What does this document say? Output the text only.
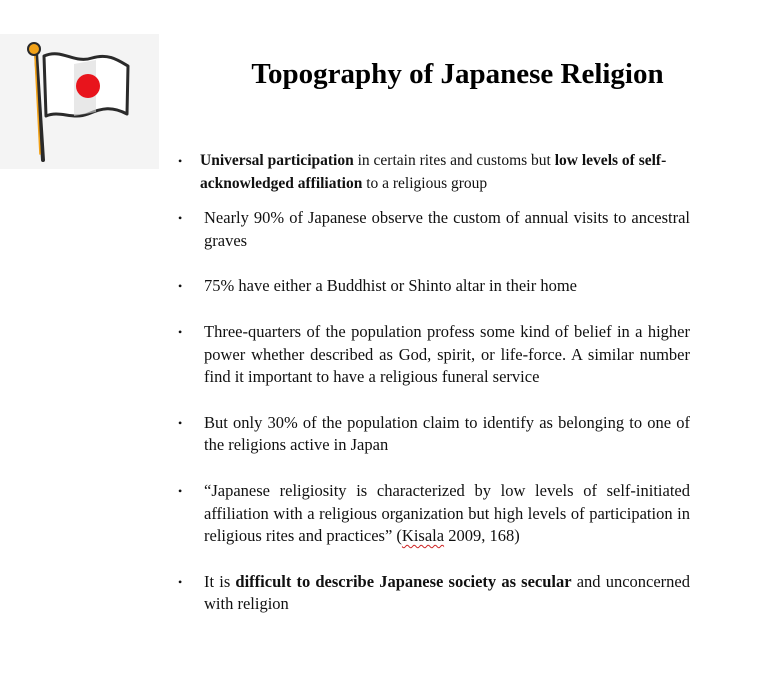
Topography of Japanese Religion
• Universal participation in certain rites and customs but low levels of self-acknowledged affiliation to a religious group
• Nearly 90% of Japanese observe the custom of annual visits to ancestral graves
• 75% have either a Buddhist or Shinto altar in their home
• Three-quarters of the population profess some kind of belief in a higher power whether described as God, spirit, or life-force. A similar number find it important to have a religious funeral service
• But only 30% of the population claim to identify as belonging to one of the religions active in Japan
• “Japanese religiosity is characterized by low levels of self-initiated affiliation with a religious organization but high levels of participation in religious rites and practices” (Kisala 2009, 168)
• It is difficult to describe Japanese society as secular and unconcerned with religion
